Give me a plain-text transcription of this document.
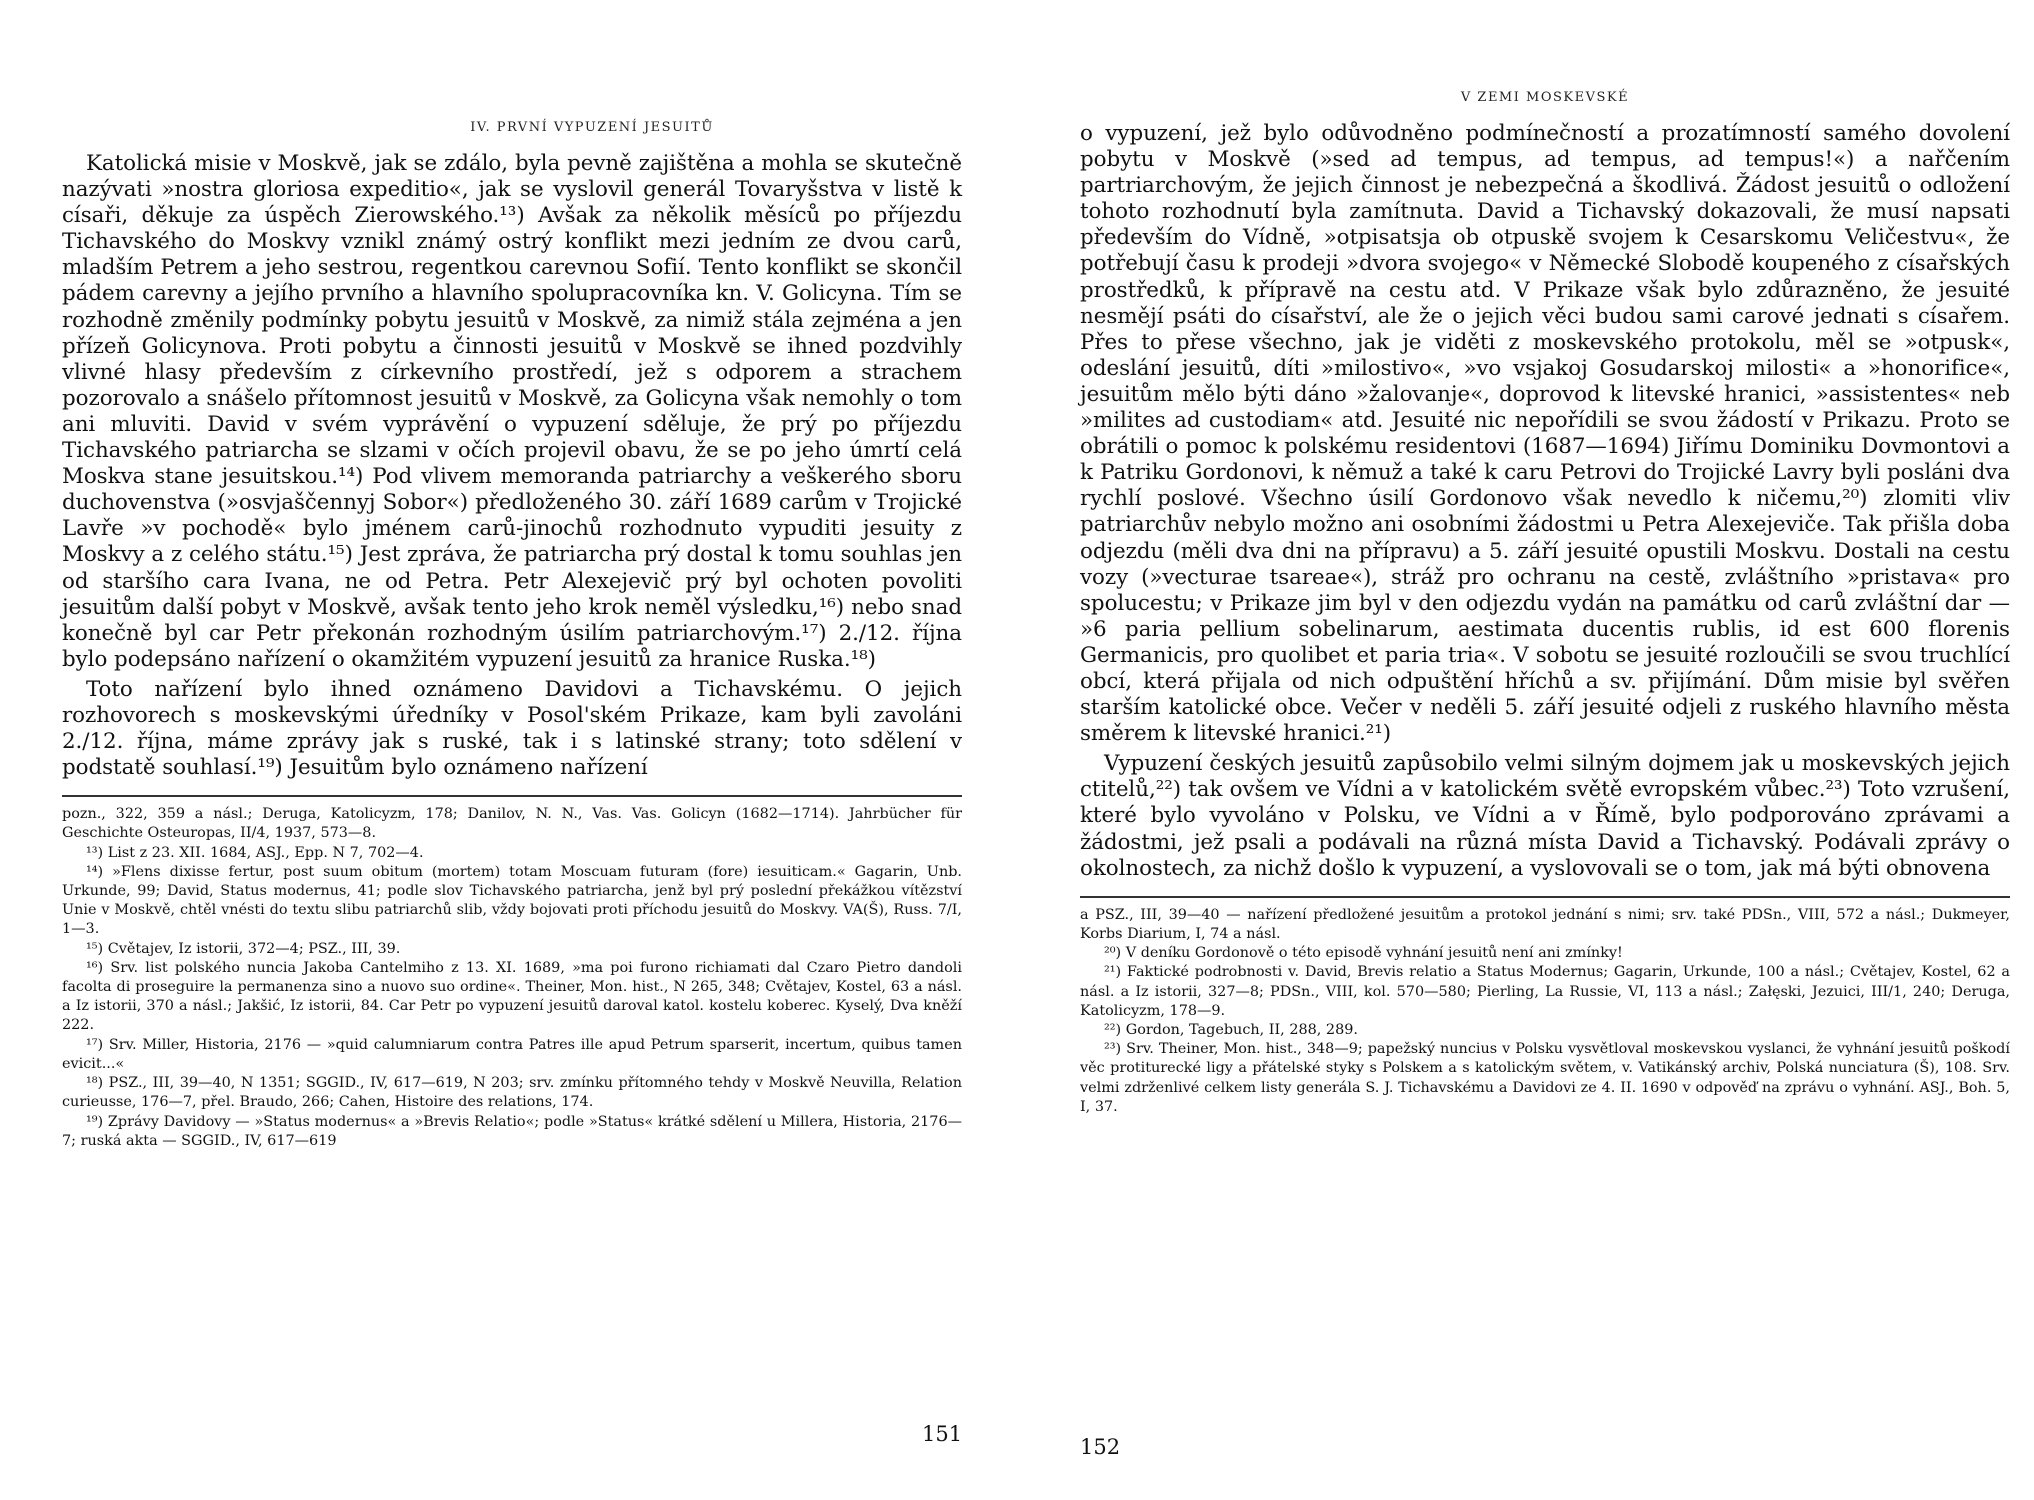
IV. PRVNÍ VYPUZENÍ JESUITŮ

Katolická misie v Moskvě, jak se zdálo, byla pevně zajištěna a mohla se skutečně nazývati »nostra gloriosa expeditio«, jak se vyslovil generál Tovaryšstva v listě k císaři, děkuje za úspěch Zierowského.¹³) Avšak za několik měsíců po příjezdu Tichavského do Moskvy vznikl známý ostrý konflikt mezi jedním ze dvou carů, mladším Petrem a jeho sestrou, regentkou carevnou Sofií. Tento konflikt se skončil pádem carevny a jejího prvního a hlavního spolupracovníka kn. V. Golicyna. Tím se rozhodně změnily podmínky pobytu jesuitů v Moskvě, za nimiž stála zejména a jen přízeň Golicynova. Proti pobytu a činnosti jesuitů v Moskvě se ihned pozdvihly vlivné hlasy především z církevního prostředí, jež s odporem a strachem pozorovalo a snášelo přítomnost jesuitů v Moskvě, za Golicyna však nemohly o tom ani mluviti. David v svém vyprávění o vypuzení sděluje, že prý po příjezdu Tichavského patriarcha se slzami v očích projevil obavu, že se po jeho úmrtí celá Moskva stane jesuitskou.¹⁴) Pod vlivem memoranda patriarchy a veškerého sboru duchovenstva (»osvjaščennyj Sobor«) předloženého 30. září 1689 carům v Trojické Lavře »v pochodě« bylo jménem carů-jinochů rozhodnuto vypuditi jesuity z Moskvy a z celého státu.¹⁵) Jest zpráva, že patriarcha prý dostal k tomu souhlas jen od staršího cara Ivana, ne od Petra. Petr Alexejevič prý byl ochoten povoliti jesuitům další pobyt v Moskvě, avšak tento jeho krok neměl výsledku,¹⁶) nebo snad konečně byl car Petr překonán rozhodným úsilím patriarchovým.¹⁷) 2./12. října bylo podepsáno nařízení o okamžitém vypuzení jesuitů za hranice Ruska.¹⁸)

Toto nařízení bylo ihned oznámeno Davidovi a Tichavskému. O jejich rozhovorech s moskevskými úředníky v Posol'ském Prikaze, kam byli zavoláni 2./12. října, máme zprávy jak s ruské, tak i s latinské strany; toto sdělení v podstatě souhlasí.¹⁹) Jesuitům bylo oznámeno nařízení

pozn., 322, 359 a násl.; Deruga, Katolicyzm, 178; Danilov, N. N., Vas. Vas. Golicyn (1682—1714). Jahrbücher für Geschichte Osteuropas, II/4, 1937, 573—8.

¹³) List z 23. XII. 1684, ASJ., Epp. N 7, 702—4.

¹⁴) »Flens dixisse fertur, post suum obitum (mortem) totam Moscuam futuram (fore) iesuiticam.« Gagarin, Unb. Urkunde, 99; David, Status modernus, 41; podle slov Tichavského patriarcha, jenž byl prý poslední překážkou vítězství Unie v Moskvě, chtěl vnésti do textu slibu patriarchů slib, vždy bojovati proti příchodu jesuitů do Moskvy. VA(Š), Russ. 7/I, 1—3.

¹⁵) Cvětajev, Iz istorii, 372—4; PSZ., III, 39.

¹⁶) Srv. list polského nuncia Jakoba Cantelmiho z 13. XI. 1689, »ma poi furono richiamati dal Czaro Pietro dandoli facolta di proseguire la permanenza sino a nuovo suo ordine«. Theiner, Mon. hist., N 265, 348; Cvětajev, Kostel, 63 a násl. a Iz istorii, 370 a násl.; Jakšić, Iz istorii, 84. Car Petr po vypuzení jesuitů daroval katol. kostelu koberec. Kyselý, Dva kněží 222.

¹⁷) Srv. Miller, Historia, 2176 — »quid calumniarum contra Patres ille apud Petrum sparserit, incertum, quibus tamen evicit...«

¹⁸) PSZ., III, 39—40, N 1351; SGGID., IV, 617—619, N 203; srv. zmínku přítomného tehdy v Moskvě Neuvilla, Relation curieusse, 176—7, přel. Braudo, 266; Cahen, Histoire des relations, 174.

¹⁹) Zprávy Davidovy — »Status modernus« a »Brevis Relatio«; podle »Status« krátké sdělení u Millera, Historia, 2176—7; ruská akta — SGGID., IV, 617—619

151
V ZEMI MOSKEVSKÉ

o vypuzení, jež bylo odůvodněno podmínečností a prozatímností samého dovolení pobytu v Moskvě (»sed ad tempus, ad tempus, ad tempus!«) a nařčením partriarchovým, že jejich činnost je nebezpečná a škodlivá. Žádost jesuitů o odložení tohoto rozhodnutí byla zamítnuta. David a Tichavský dokazovali, že musí napsati především do Vídně, »otpisatsja ob otpuskě svojem k Cesarskomu Veličestvu«, že potřebují času k prodeji »dvora svojego« v Německé Slobodě koupeného z císařských prostředků, k přípravě na cestu atd. V Prikaze však bylo zdůrazněno, že jesuité nesmějí psáti do císařství, ale že o jejich věci budou sami carové jednati s císařem. Přes to přese všechno, jak je viděti z moskevského protokolu, měl se »otpusk«, odeslání jesuitů, díti »milostivo«, »vo vsjakoj Gosudarskoj milosti« a »honorifice«, jesuitům mělo býti dáno »žalovanje«, doprovod k litevské hranici, »assistentes« neb »milites ad custodiam« atd. Jesuité nic nepořídili se svou žádostí v Prikazu. Proto se obrátili o pomoc k polskému residentovi (1687—1694) Jiřímu Dominiku Dovmontovi a k Patriku Gordonovi, k němuž a také k caru Petrovi do Trojické Lavry byli posláni dva rychlí poslové. Všechno úsilí Gordonovo však nevedlo k ničemu,²⁰) zlomiti vliv patriarchův nebylo možno ani osobními žádostmi u Petra Alexejeviče. Tak přišla doba odjezdu (měli dva dni na přípravu) a 5. září jesuité opustili Moskvu. Dostali na cestu vozy (»vecturae tsareae«), stráž pro ochranu na cestě, zvláštního »pristava« pro spolucestu; v Prikaze jim byl v den odjezdu vydán na památku od carů zvláštní dar — »6 paria pellium sobelinarum, aestimata ducentis rublis, id est 600 florenis Germanicis, pro quolibet et paria tria«. V sobotu se jesuité rozloučili se svou truchlící obcí, která přijala od nich odpuštění hříchů a sv. přijímání. Dům misie byl svěřen starším katolické obce. Večer v neděli 5. září jesuité odjeli z ruského hlavního města směrem k litevské hranici.²¹)

Vypuzení českých jesuitů zapůsobilo velmi silným dojmem jak u moskevských jejich ctitelů,²²) tak ovšem ve Vídni a v katolickém světě evropském vůbec.²³) Toto vzrušení, které bylo vyvoláno v Polsku, ve Vídni a v Římě, bylo podporováno zprávami a žádostmi, jež psali a podávali na různá místa David a Tichavský. Podávali zprávy o okolnostech, za nichž došlo k vypuzení, a vyslovovali se o tom, jak má býti obnovena

a PSZ., III, 39—40 — nařízení předložené jesuitům a protokol jednání s nimi; srv. také PDSn., VIII, 572 a násl.; Dukmeyer, Korbs Diarium, I, 74 a násl.

²⁰) V deníku Gordonově o této episodě vyhnání jesuitů není ani zmínky!

²¹) Faktické podrobnosti v. David, Brevis relatio a Status Modernus; Gagarin, Urkunde, 100 a násl.; Cvětajev, Kostel, 62 a násl. a Iz istorii, 327—8; PDSn., VIII, kol. 570—580; Pierling, La Russie, VI, 113 a násl.; Załęski, Jezuici, III/1, 240; Deruga, Katolicyzm, 178—9.

²²) Gordon, Tagebuch, II, 288, 289.

²³) Srv. Theiner, Mon. hist., 348—9; papežský nuncius v Polsku vysvětloval moskevskou vyslanci, že vyhnání jesuitů poškodí věc protiturecké ligy a přátelské styky s Polskem a s katolickým světem, v. Vatikánský archiv, Polská nunciatura (Š), 108. Srv. velmi zdrženlivé celkem listy generála S. J. Tichavskému a Davidovi ze 4. II. 1690 v odpověď na zprávu o vyhnání. ASJ., Boh. 5, I, 37.

152
